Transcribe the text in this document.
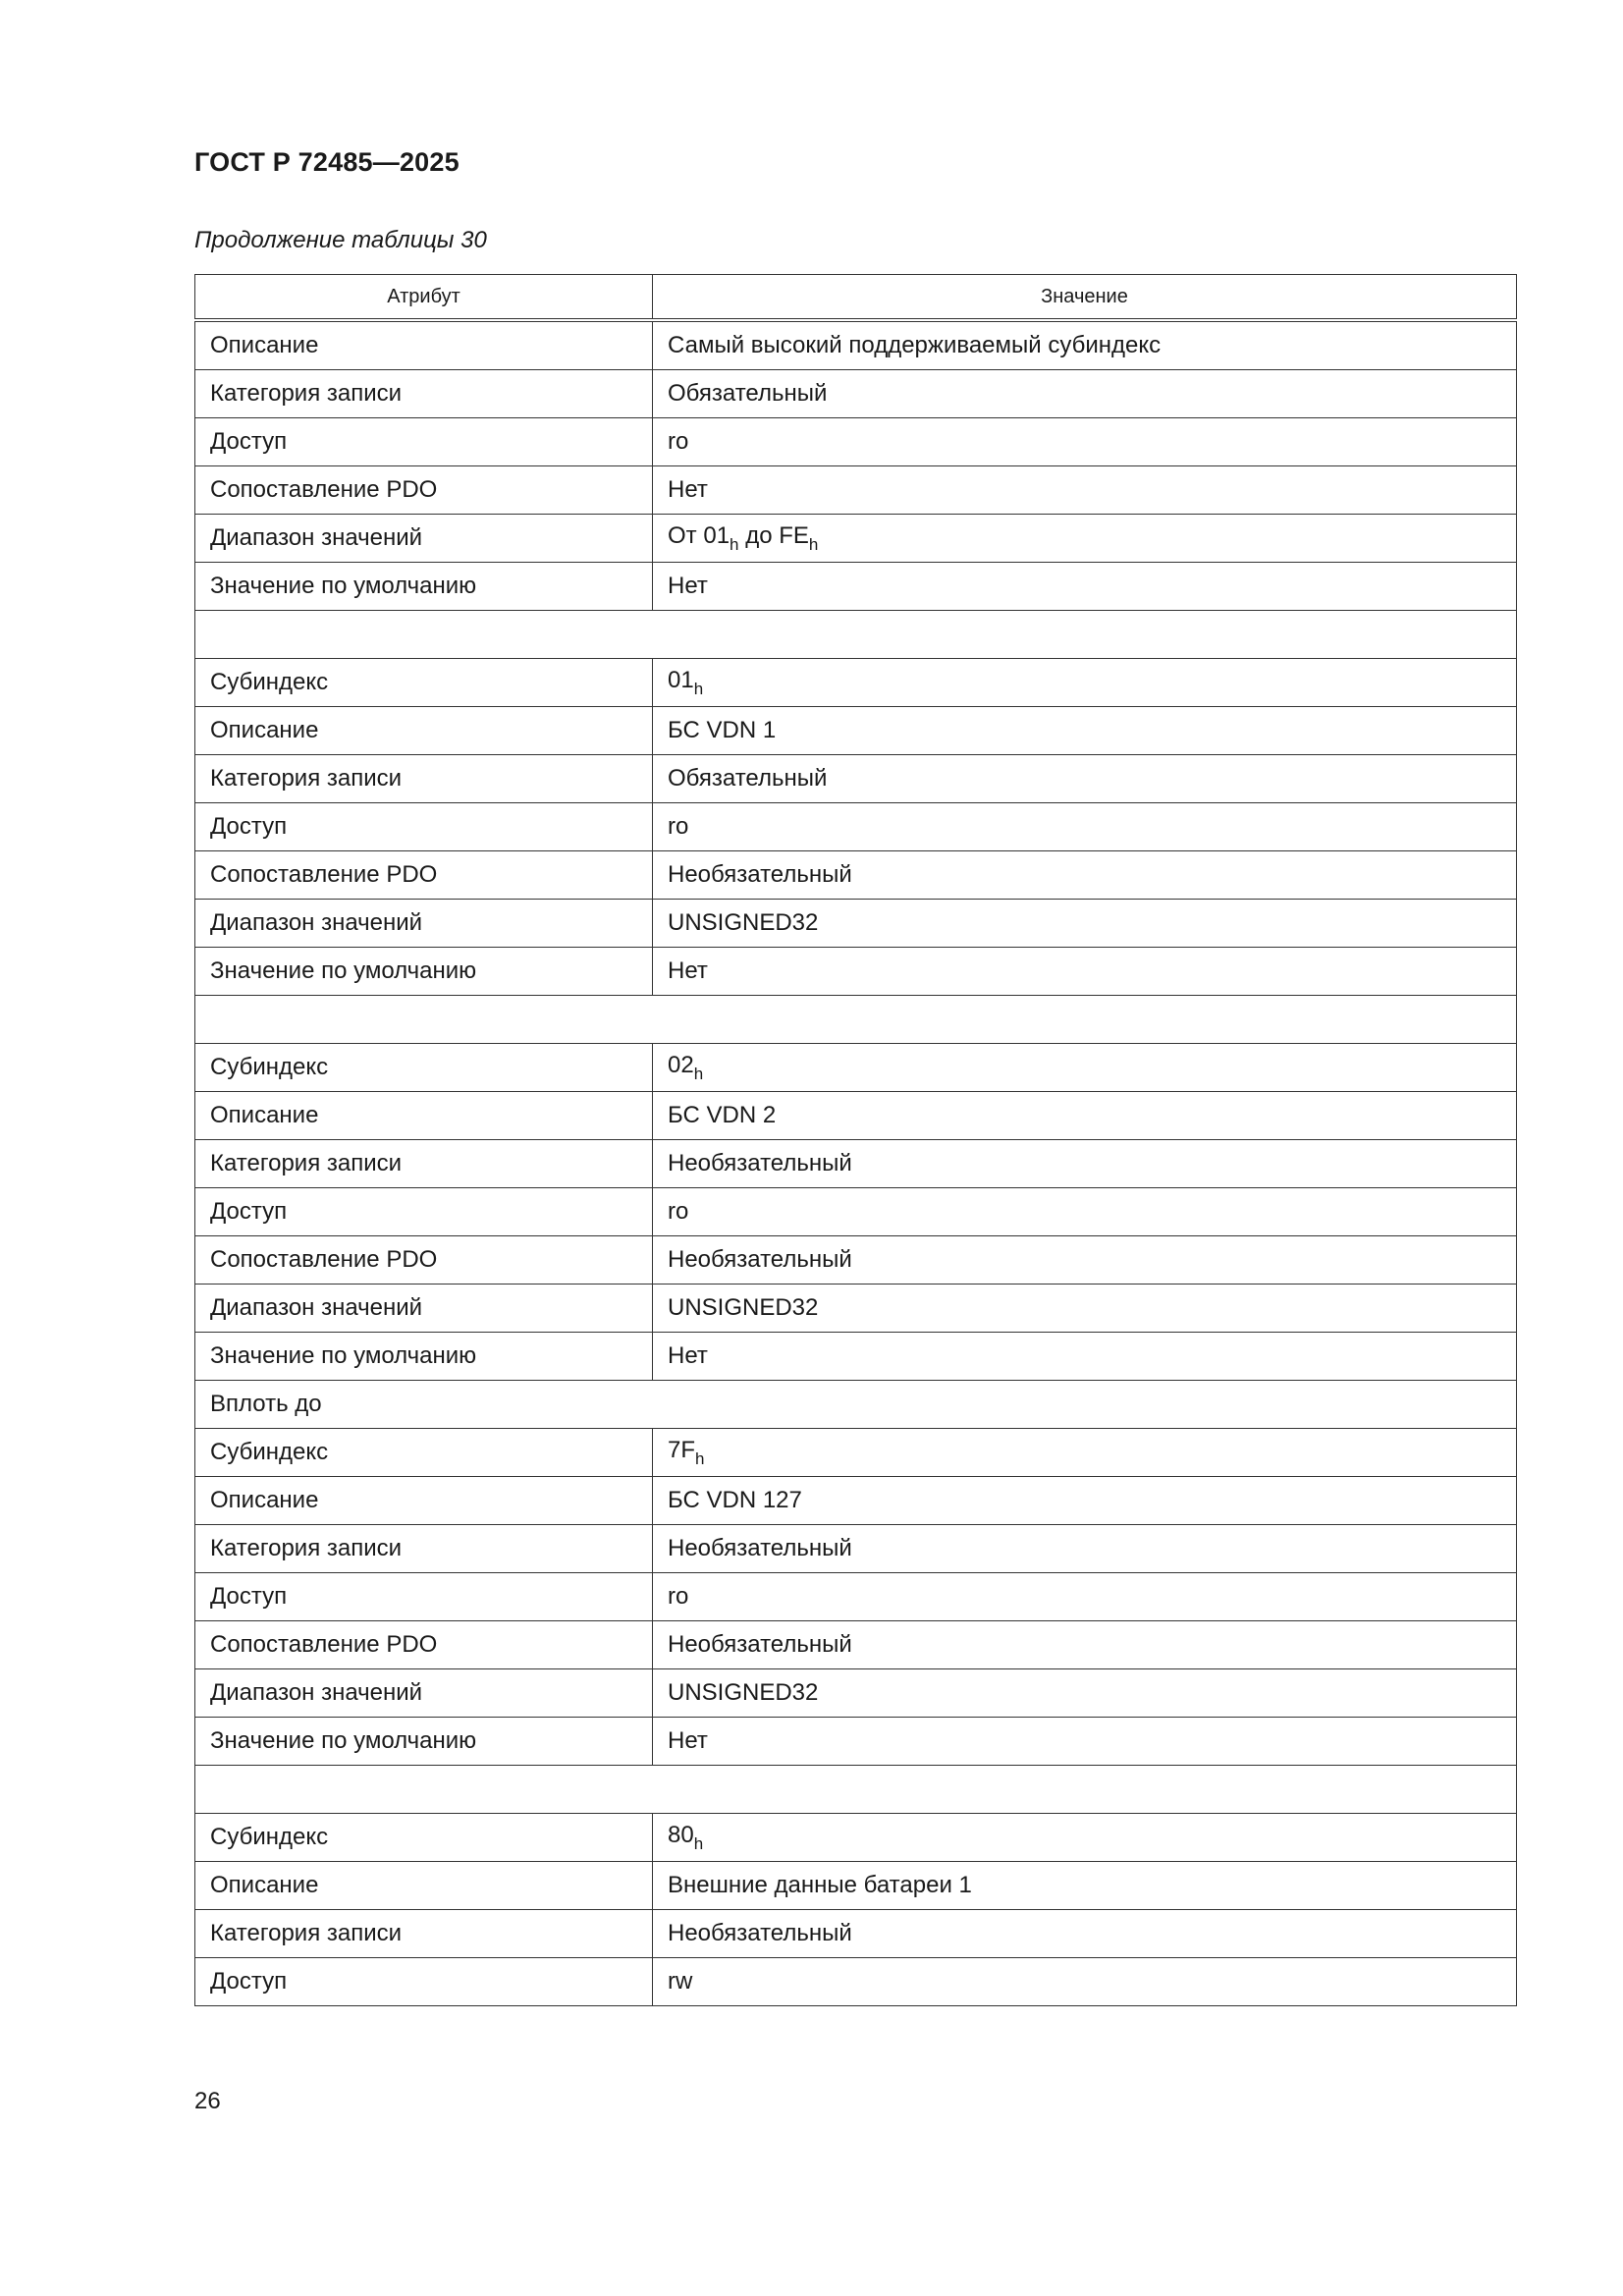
ГОСТ Р 72485—2025
Продолжение таблицы 30
Атрибут	Значение
Описание	Самый высокий поддерживаемый субиндекс
Категория записи	Обязательный
Доступ	ro
Сопоставление PDO	Нет
Диапазон значений	От $01_h$ до $FE_h$
Значение по умолчанию	Нет

Субиндекс	$01_h$
Описание	БС VDN 1
Категория записи	Обязательный
Доступ	ro
Сопоставление PDO	Необязательный
Диапазон значений	UNSIGNED32
Значение по умолчанию	Нет

Субиндекс	$02_h$
Описание	БС VDN 2
Категория записи	Необязательный
Доступ	ro
Сопоставление PDO	Необязательный
Диапазон значений	UNSIGNED32
Значение по умолчанию	Нет
Вплоть до	
Субиндекс	$7F_h$
Описание	БС VDN 127
Категория записи	Необязательный
Доступ	ro
Сопоставление PDO	Необязательный
Диапазон значений	UNSIGNED32
Значение по умолчанию	Нет

Субиндекс	$80_h$
Описание	Внешние данные батареи 1
Категория записи	Необязательный
Доступ	rw
26
